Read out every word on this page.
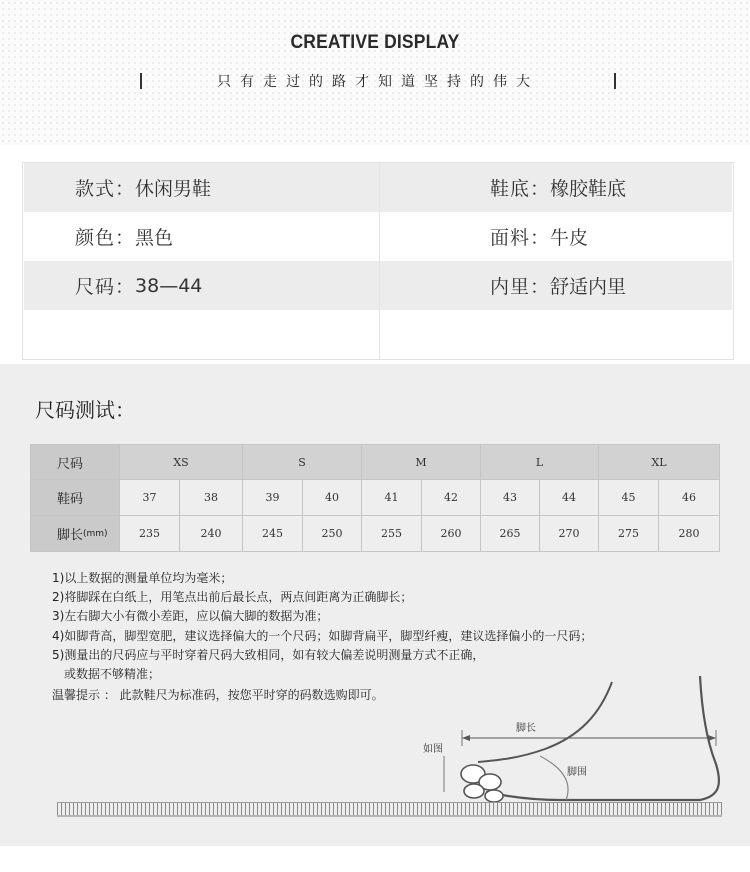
CREATIVE DISPLAY
只有走过的路才知道坚持的伟大
款式： 休闲男鞋	鞋底： 橡胶鞋底
颜色： 黑色	面料： 牛皮
尺码： 38—44	内里： 舒适内里
尺码测试：
尺码	XS	S	M	L	XL
鞋码	37	38	39	40	41	42	43	44	45	46
脚长 (mm)	235	240	245	250	255	260	265	270	275	280
1)以上数据的测量单位均为毫米；
2)将脚踩在白纸上，用笔点出前后最长点，两点间距离为正确脚长；
3)左右脚大小有微小差距，应以偏大脚的数据为准；
4)如脚背高，脚型宽肥，建议选择偏大的一个尺码；如脚背扁平，脚型纤瘦，建议选择偏小的一尺码；
5)测量出的尺码应与平时穿着尺码大致相同，如有较大偏差说明测量方式不正确，
或数据不够精准；
温馨提示 ： 此款鞋尺为标准码，按您平时穿的码数选购即可。
脚长
如图
脚围
